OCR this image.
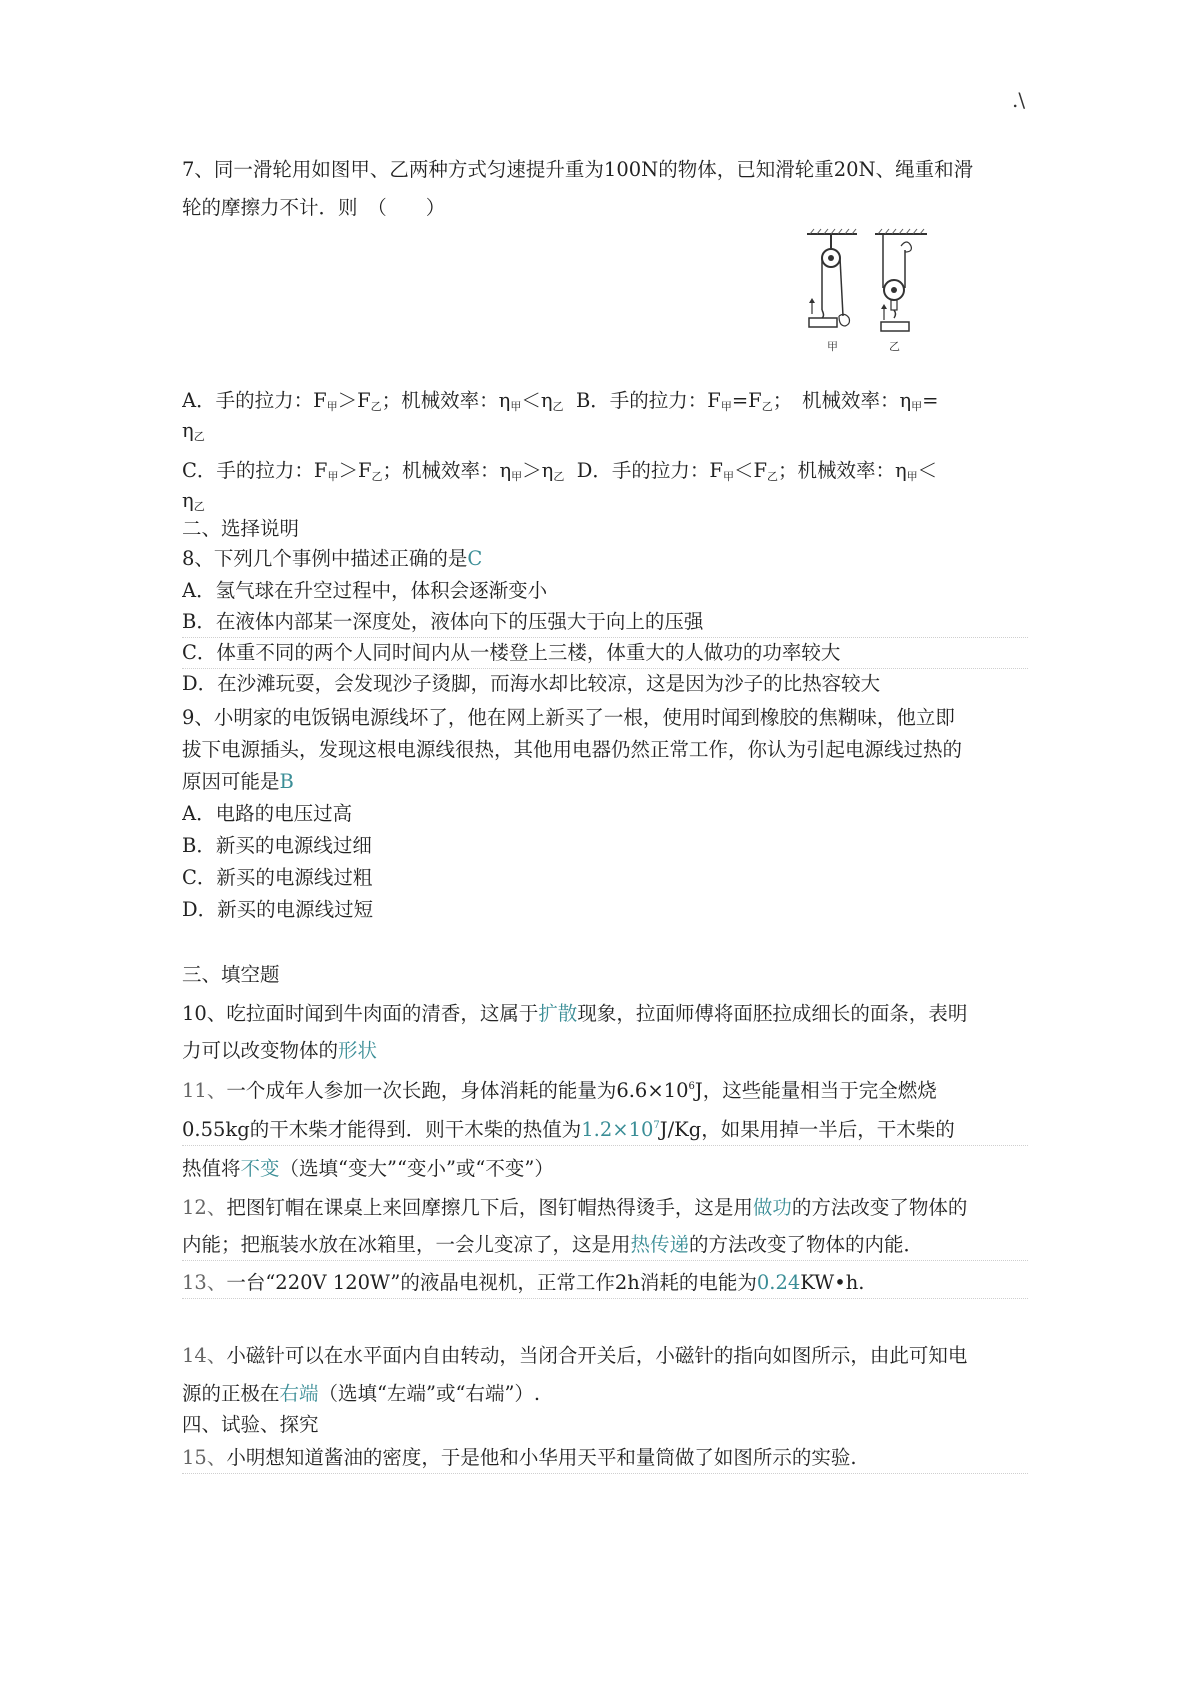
.\
7、同一滑轮用如图甲、乙两种方式匀速提升重为100N的物体，已知滑轮重20N、绳重和滑
轮的摩擦力不计．则　（　　）
甲	乙
A．手的拉力：F甲＞F乙；机械效率：η甲＜η乙 B．手的拉力：F甲=F乙；　机械效率：η甲=
η乙
C．手的拉力：F甲＞F乙；机械效率：η甲＞η乙 D．手的拉力：F甲＜F乙；机械效率：η甲＜
η乙
二、选择说明
8、下列几个事例中描述正确的是C
A．氢气球在升空过程中，体积会逐渐变小
B．在液体内部某一深度处，液体向下的压强大于向上的压强
C．体重不同的两个人同时间内从一楼登上三楼，体重大的人做功的功率较大
D．在沙滩玩耍，会发现沙子烫脚，而海水却比较凉，这是因为沙子的比热容较大
9、小明家的电饭锅电源线坏了，他在网上新买了一根，使用时闻到橡胶的焦糊味，他立即
拔下电源插头，发现这根电源线很热，其他用电器仍然正常工作，你认为引起电源线过热的
原因可能是B
A．电路的电压过高
B．新买的电源线过细
C．新买的电源线过粗
D．新买的电源线过短
三、填空题
10、吃拉面时闻到牛肉面的清香，这属于扩散现象，拉面师傅将面胚拉成细长的面条，表明
力可以改变物体的形状
11、一个成年人参加一次长跑，身体消耗的能量为$6.6\times 10^6J$，这些能量相当于完全燃烧
0.55kg的干木柴才能得到．则干木柴的热值为$1.2\times 10^7J/Kg$，如果用掉一半后，干木柴的
热值将不变（选填“变大”“变小”或“不变”）
12、把图钉帽在课桌上来回摩擦几下后，图钉帽热得烫手，这是用做功的方法改变了物体的
内能；把瓶装水放在冰箱里，一会儿变凉了，这是用热传递的方法改变了物体的内能．
13、一台“220V 120W”的液晶电视机，正常工作2h消耗的电能为0.24KW•h.
14、小磁针可以在水平面内自由转动，当闭合开关后，小磁针的指向如图所示，由此可知电
源的正极在右端（选填“左端”或“右端”）.
四、试验、探究
15、小明想知道酱油的密度，于是他和小华用天平和量筒做了如图所示的实验.
